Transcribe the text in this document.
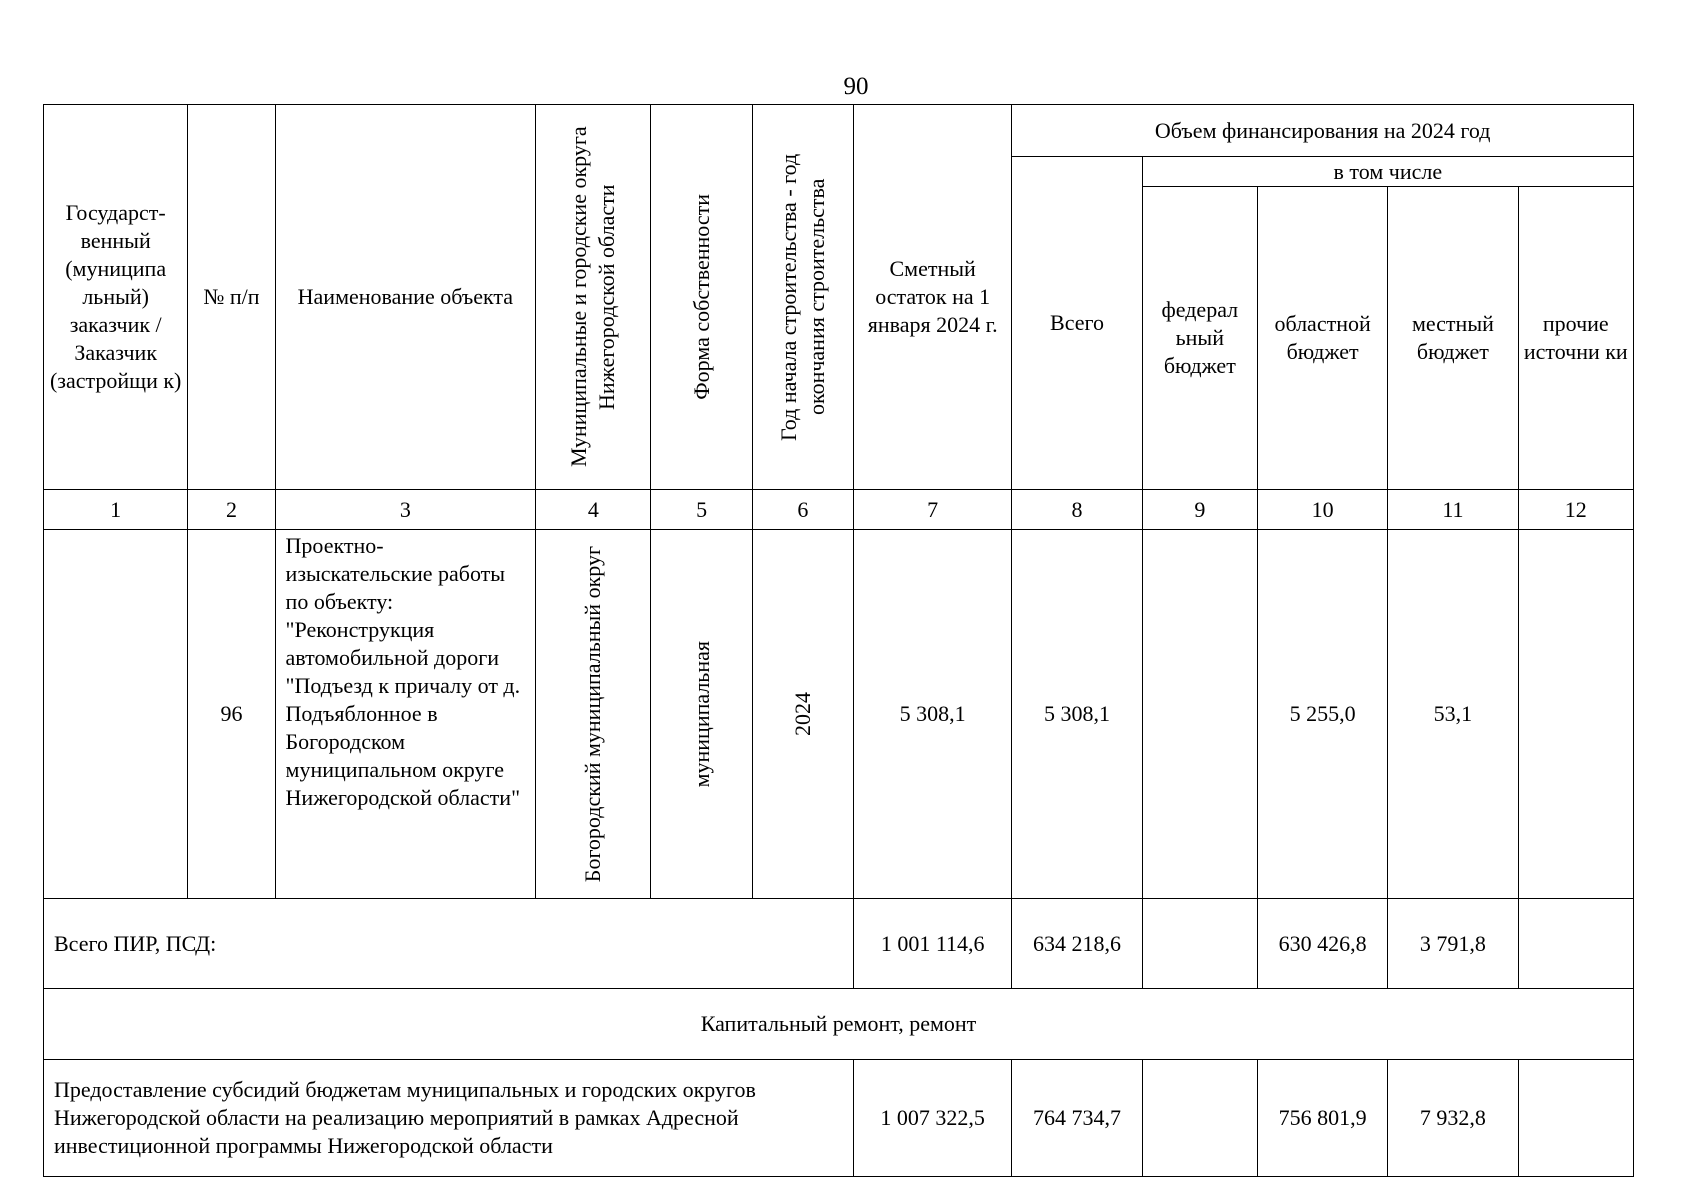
90
Государст-венный (муниципа льный) заказчик / Заказчик (застройщи к)	№ п/п	Наименование объекта	Муниципальные и городские округа Нижегородской области	Форма собственности	Год начала строительства - год окончания строительства	Сметный остаток на 1 января 2024 г.	Объем финансирования на 2024 год				
							Всего	в том числе			
								федерал ьный бюджет	областной бюджет	местный бюджет	прочие источни ки
1	2	3	4	5	6	7	8	9	10	11	12
	96	Проектно-изыскательские работы по объекту: "Реконструкция автомобильной дороги "Подъезд к причалу от д. Подъяблонное в Богородском муниципальном округе Нижегородской области"	Богородский муниципальный округ	муниципальная	2024	5 308,1	5 308,1		5 255,0	53,1	
Всего ПИР, ПСД:						1 001 114,6	634 218,6		630 426,8	3 791,8	
Капитальный ремонт, ремонт											
Предоставление субсидий бюджетам муниципальных и городских округов Нижегородской области на реализацию мероприятий в рамках Адресной инвестиционной программы Нижегородской области						1 007 322,5	764 734,7		756 801,9	7 932,8	
